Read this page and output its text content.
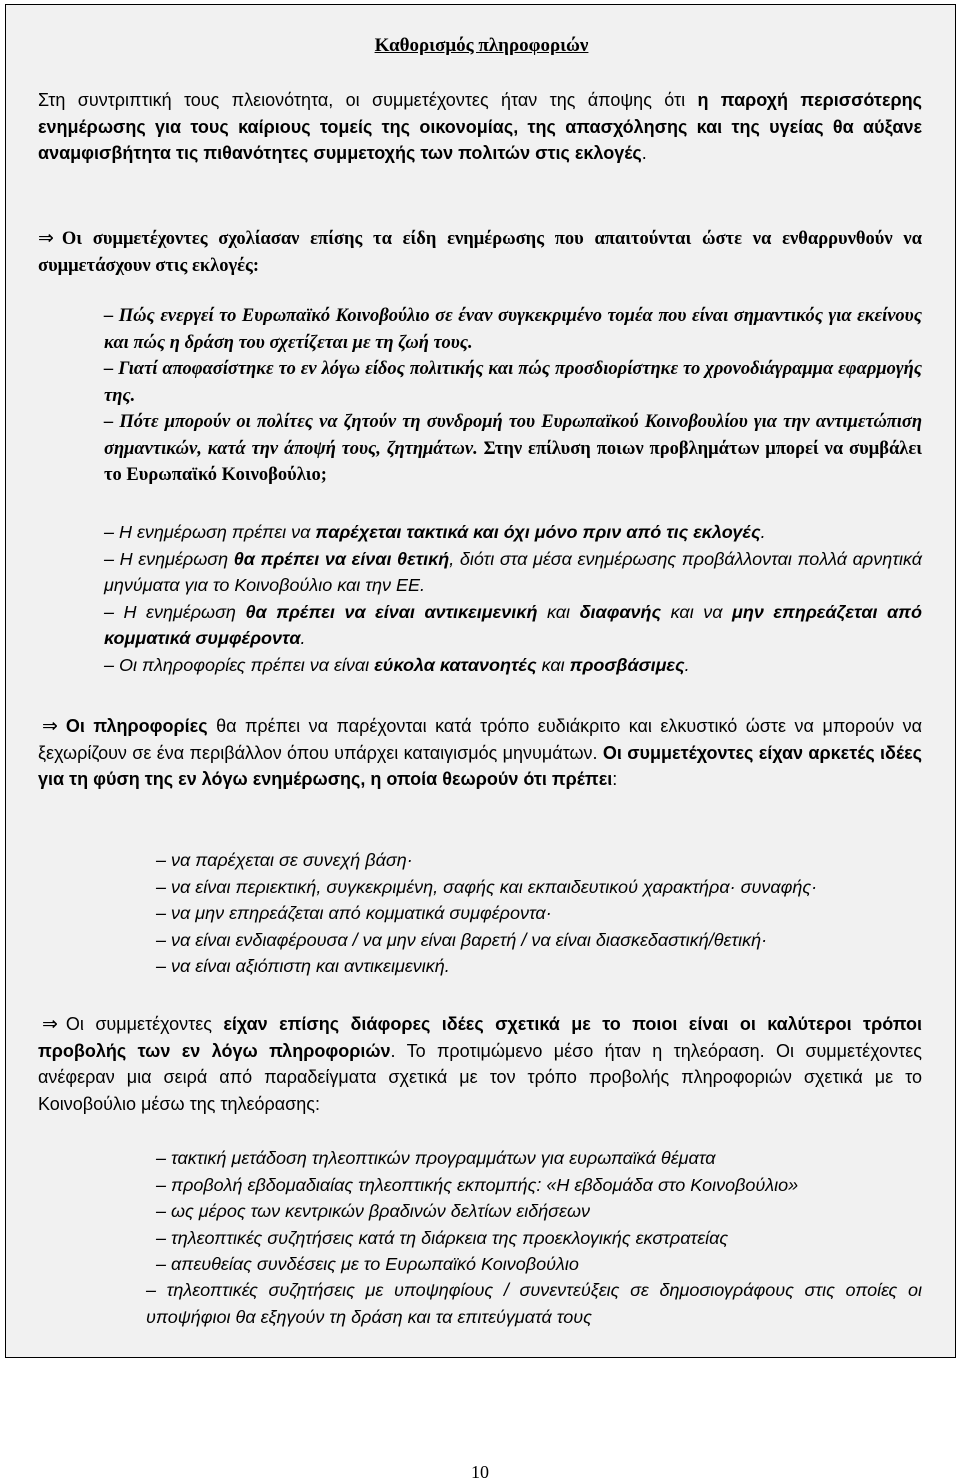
Καθορισμός πληροφοριών

Στη συντριπτική τους πλειονότητα, οι συμμετέχοντες ήταν της άποψης ότι η παροχή περισσότερης ενημέρωσης για τους καίριους τομείς της οικονομίας, της απασχόλησης και της υγείας θα αύξανε αναμφισβήτητα τις πιθανότητες συμμετοχής των πολιτών στις εκλογές.

⇒ Οι συμμετέχοντες σχολίασαν επίσης τα είδη ενημέρωσης που απαιτούνται ώστε να ενθαρρυνθούν να συμμετάσχουν στις εκλογές:

– Πώς ενεργεί το Ευρωπαϊκό Κοινοβούλιο σε έναν συγκεκριμένο τομέα που είναι σημαντικός για εκείνους και πώς η δράση του σχετίζεται με τη ζωή τους.

– Γιατί αποφασίστηκε το εν λόγω είδος πολιτικής και πώς προσδιορίστηκε το χρονοδιάγραμμα εφαρμογής της.

– Πότε μπορούν οι πολίτες να ζητούν τη συνδρομή του Ευρωπαϊκού Κοινοβουλίου για την αντιμετώπιση σημαντικών, κατά την άποψή τους, ζητημάτων. Στην επίλυση ποιων προβλημάτων μπορεί να συμβάλει το Ευρωπαϊκό Κοινοβούλιο;

– Η ενημέρωση πρέπει να παρέχεται τακτικά και όχι μόνο πριν από τις εκλογές.

– Η ενημέρωση θα πρέπει να είναι θετική, διότι στα μέσα ενημέρωσης προβάλλονται πολλά αρνητικά μηνύματα για το Κοινοβούλιο και την ΕΕ.

– Η ενημέρωση θα πρέπει να είναι αντικειμενική και διαφανής και να μην επηρεάζεται από κομματικά συμφέροντα.

– Οι πληροφορίες πρέπει να είναι εύκολα κατανοητές και προσβάσιμες.

⇒ Οι πληροφορίες θα πρέπει να παρέχονται κατά τρόπο ευδιάκριτο και ελκυστικό ώστε να μπορούν να ξεχωρίζουν σε ένα περιβάλλον όπου υπάρχει καταιγισμός μηνυμάτων. Οι συμμετέχοντες είχαν αρκετές ιδέες για τη φύση της εν λόγω ενημέρωσης, η οποία θεωρούν ότι πρέπει:

– να παρέχεται σε συνεχή βάση·

– να είναι περιεκτική, συγκεκριμένη, σαφής και εκπαιδευτικού χαρακτήρα· συναφής·

– να μην επηρεάζεται από κομματικά συμφέροντα·

– να είναι ενδιαφέρουσα / να μην είναι βαρετή / να είναι διασκεδαστική/θετική·

– να είναι αξιόπιστη και αντικειμενική.

⇒ Οι συμμετέχοντες είχαν επίσης διάφορες ιδέες σχετικά με το ποιοι είναι οι καλύτεροι τρόποι προβολής των εν λόγω πληροφοριών. Το προτιμώμενο μέσο ήταν η τηλεόραση. Οι συμμετέχοντες ανέφεραν μια σειρά από παραδείγματα σχετικά με τον τρόπο προβολής πληροφοριών σχετικά με το Κοινοβούλιο μέσω της τηλεόρασης:

– τακτική μετάδοση τηλεοπτικών προγραμμάτων για ευρωπαϊκά θέματα

– προβολή εβδομαδιαίας τηλεοπτικής εκπομπής: «Η εβδομάδα στο Κοινοβούλιο»

– ως μέρος των κεντρικών βραδινών δελτίων ειδήσεων

– τηλεοπτικές συζητήσεις κατά τη διάρκεια της προεκλογικής εκστρατείας

– απευθείας συνδέσεις με το Ευρωπαϊκό Κοινοβούλιο

– τηλεοπτικές συζητήσεις με υποψηφίους / συνεντεύξεις σε δημοσιογράφους στις οποίες οι υποψήφιοι θα εξηγούν τη δράση και τα επιτεύγματά τους

10
